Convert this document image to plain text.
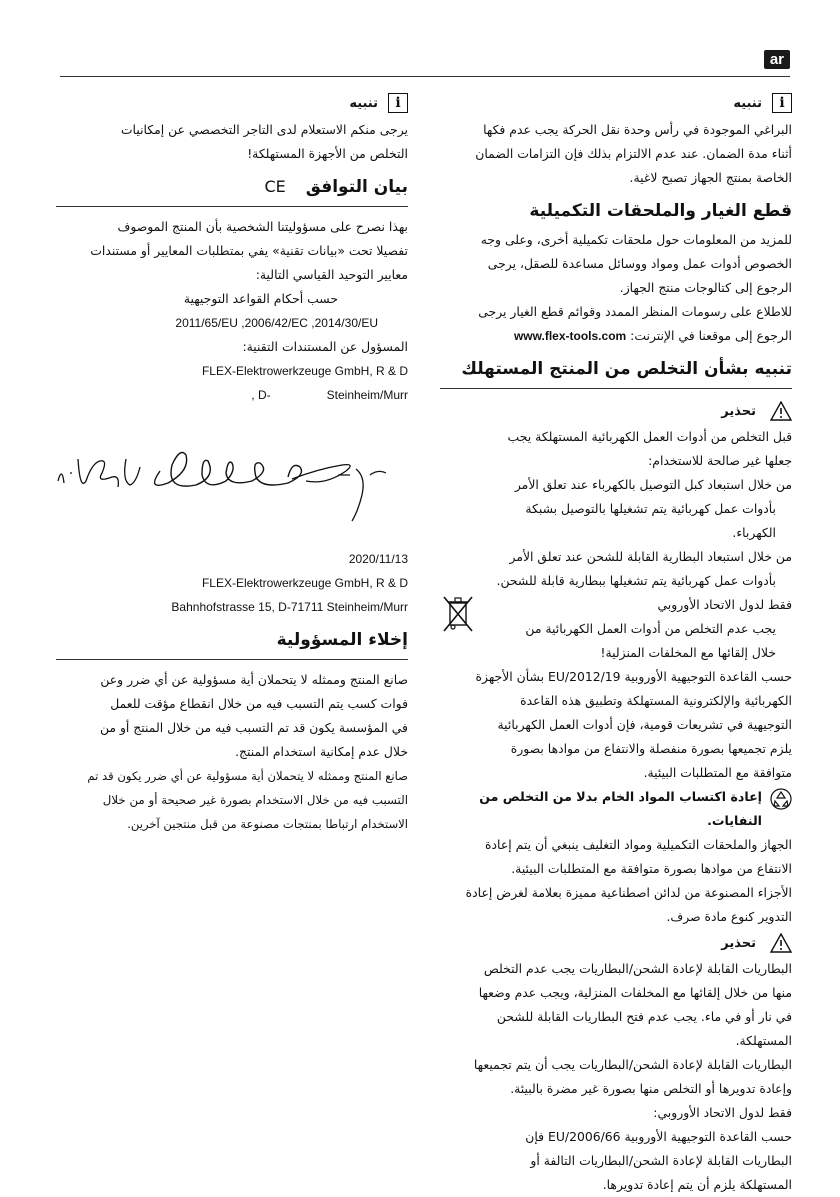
ar
i
تنبيه

البراغي الموجودة في رأس وحدة نقل الحركة يجب عدم فكها

أثناء مدة الضمان. عند عدم الالتزام بذلك فإن التزامات الضمان

الخاصة بمنتج الجهاز تصبح لاغية.

قطع الغيار والملحقات التكميلية

للمزيد من المعلومات حول ملحقات تكميلية أخرى، وعلى وجه

الخصوص أدوات عمل ومواد ووسائل مساعدة للصقل، يرجى

الرجوع إلى كتالوجات منتج الجهاز.

للاطلاع على رسومات المنظر الممدد وقوائم قطع الغيار يرجى

الرجوع إلى موقعنا في الإنترنت: www.flex-tools.com

تنبيه بشأن التخلص من المنتج المستهلك
تحذير

قبل التخلص من أدوات العمل الكهربائية المستهلكة يجب

جعلها غير صالحة للاستخدام:

من خلال استبعاد كبل التوصيل بالكهرباء عند تعلق الأمر

بأدوات عمل كهربائية يتم تشغيلها بالتوصيل بشبكة

الكهرباء.

من خلال استبعاد البطارية القابلة للشحن عند تعلق الأمر

بأدوات عمل كهربائية يتم تشغيلها ببطارية قابلة للشحن.

فقط لدول الاتحاد الأوروبي

يجب عدم التخلص من أدوات العمل الكهربائية من

خلال إلقائها مع المخلفات المنزلية!

حسب القاعدة التوجيهية الأوروبية 2012/19/EU بشأن الأجهزة

الكهربائية والإلكترونية المستهلكة وتطبيق هذه القاعدة

التوجيهية في تشريعات قومية، فإن أدوات العمل الكهربائية

يلزم تجميعها بصورة منفصلة والانتفاع من موادها بصورة

متوافقة مع المتطلبات البيئية.

إعادة اكتساب المواد الخام بدلا من التخلص من النفايات.

الجهاز والملحقات التكميلية ومواد التغليف ينبغي أن يتم إعادة

الانتفاع من موادها بصورة متوافقة مع المتطلبات البيئية.

الأجزاء المصنوعة من لدائن اصطناعية مميزة بعلامة لغرض إعادة

التدوير كنوع مادة صرف.

تحذير

البطاريات القابلة لإعادة الشحن/البطاريات يجب عدم التخلص

منها من خلال إلقائها مع المخلفات المنزلية، ويجب عدم وضعها

في نار أو في ماء. يجب عدم فتح البطاريات القابلة للشحن

المستهلكة.

البطاريات القابلة لإعادة الشحن/البطاريات يجب أن يتم تجميعها

وإعادة تدويرها أو التخلص منها بصورة غير مضرة بالبيئة.

فقط لدول الاتحاد الأوروبي:

حسب القاعدة التوجيهية الأوروبية 2006/66/EU فإن

البطاريات القابلة لإعادة الشحن/البطاريات التالفة أو

المستهلكة يلزم أن يتم إعادة تدويرها.

i
تنبيه

يرجى منكم الاستعلام لدى التاجر التخصصي عن إمكانيات

التخلص من الأجهزة المستهلكة!

بيان التوافق
CE

بهذا نصرح على مسؤوليتنا الشخصية بأن المنتج الموصوف

تفصيلا تحت «بيانات تقنية» يفي بمتطلبات المعايير أو مستندات

معايير التوحيد القياسي التالية:

حسب أحكام القواعد التوجيهية

2011/65/EU ,2006/42/EC ,2014/30/EU

المسؤول عن المستندات التقنية:

FLEX-Elektrowerkzeuge GmbH, R & D

, D-	Steinheim/Murr

2020/11/13

FLEX-Elektrowerkzeuge GmbH, R & D

Bahnhofstrasse 15, D-71711 Steinheim/Murr

إخلاء المسؤولية

صانع المنتج وممثله لا يتحملان أية مسؤولية عن أي ضرر وعن

فوات كسب يتم التسبب فيه من خلال انقطاع مؤقت للعمل

في المؤسسة يكون قد تم التسبب فيه من خلال المنتج أو من

خلال عدم إمكانية استخدام المنتج.

صانع المنتج وممثله لا يتحملان أية مسؤولية عن أي ضرر يكون قد تم

التسبب فيه من خلال الاستخدام بصورة غير صحيحة أو من خلال

الاستخدام ارتباطا بمنتجات مصنوعة من قبل منتجين آخرين.
